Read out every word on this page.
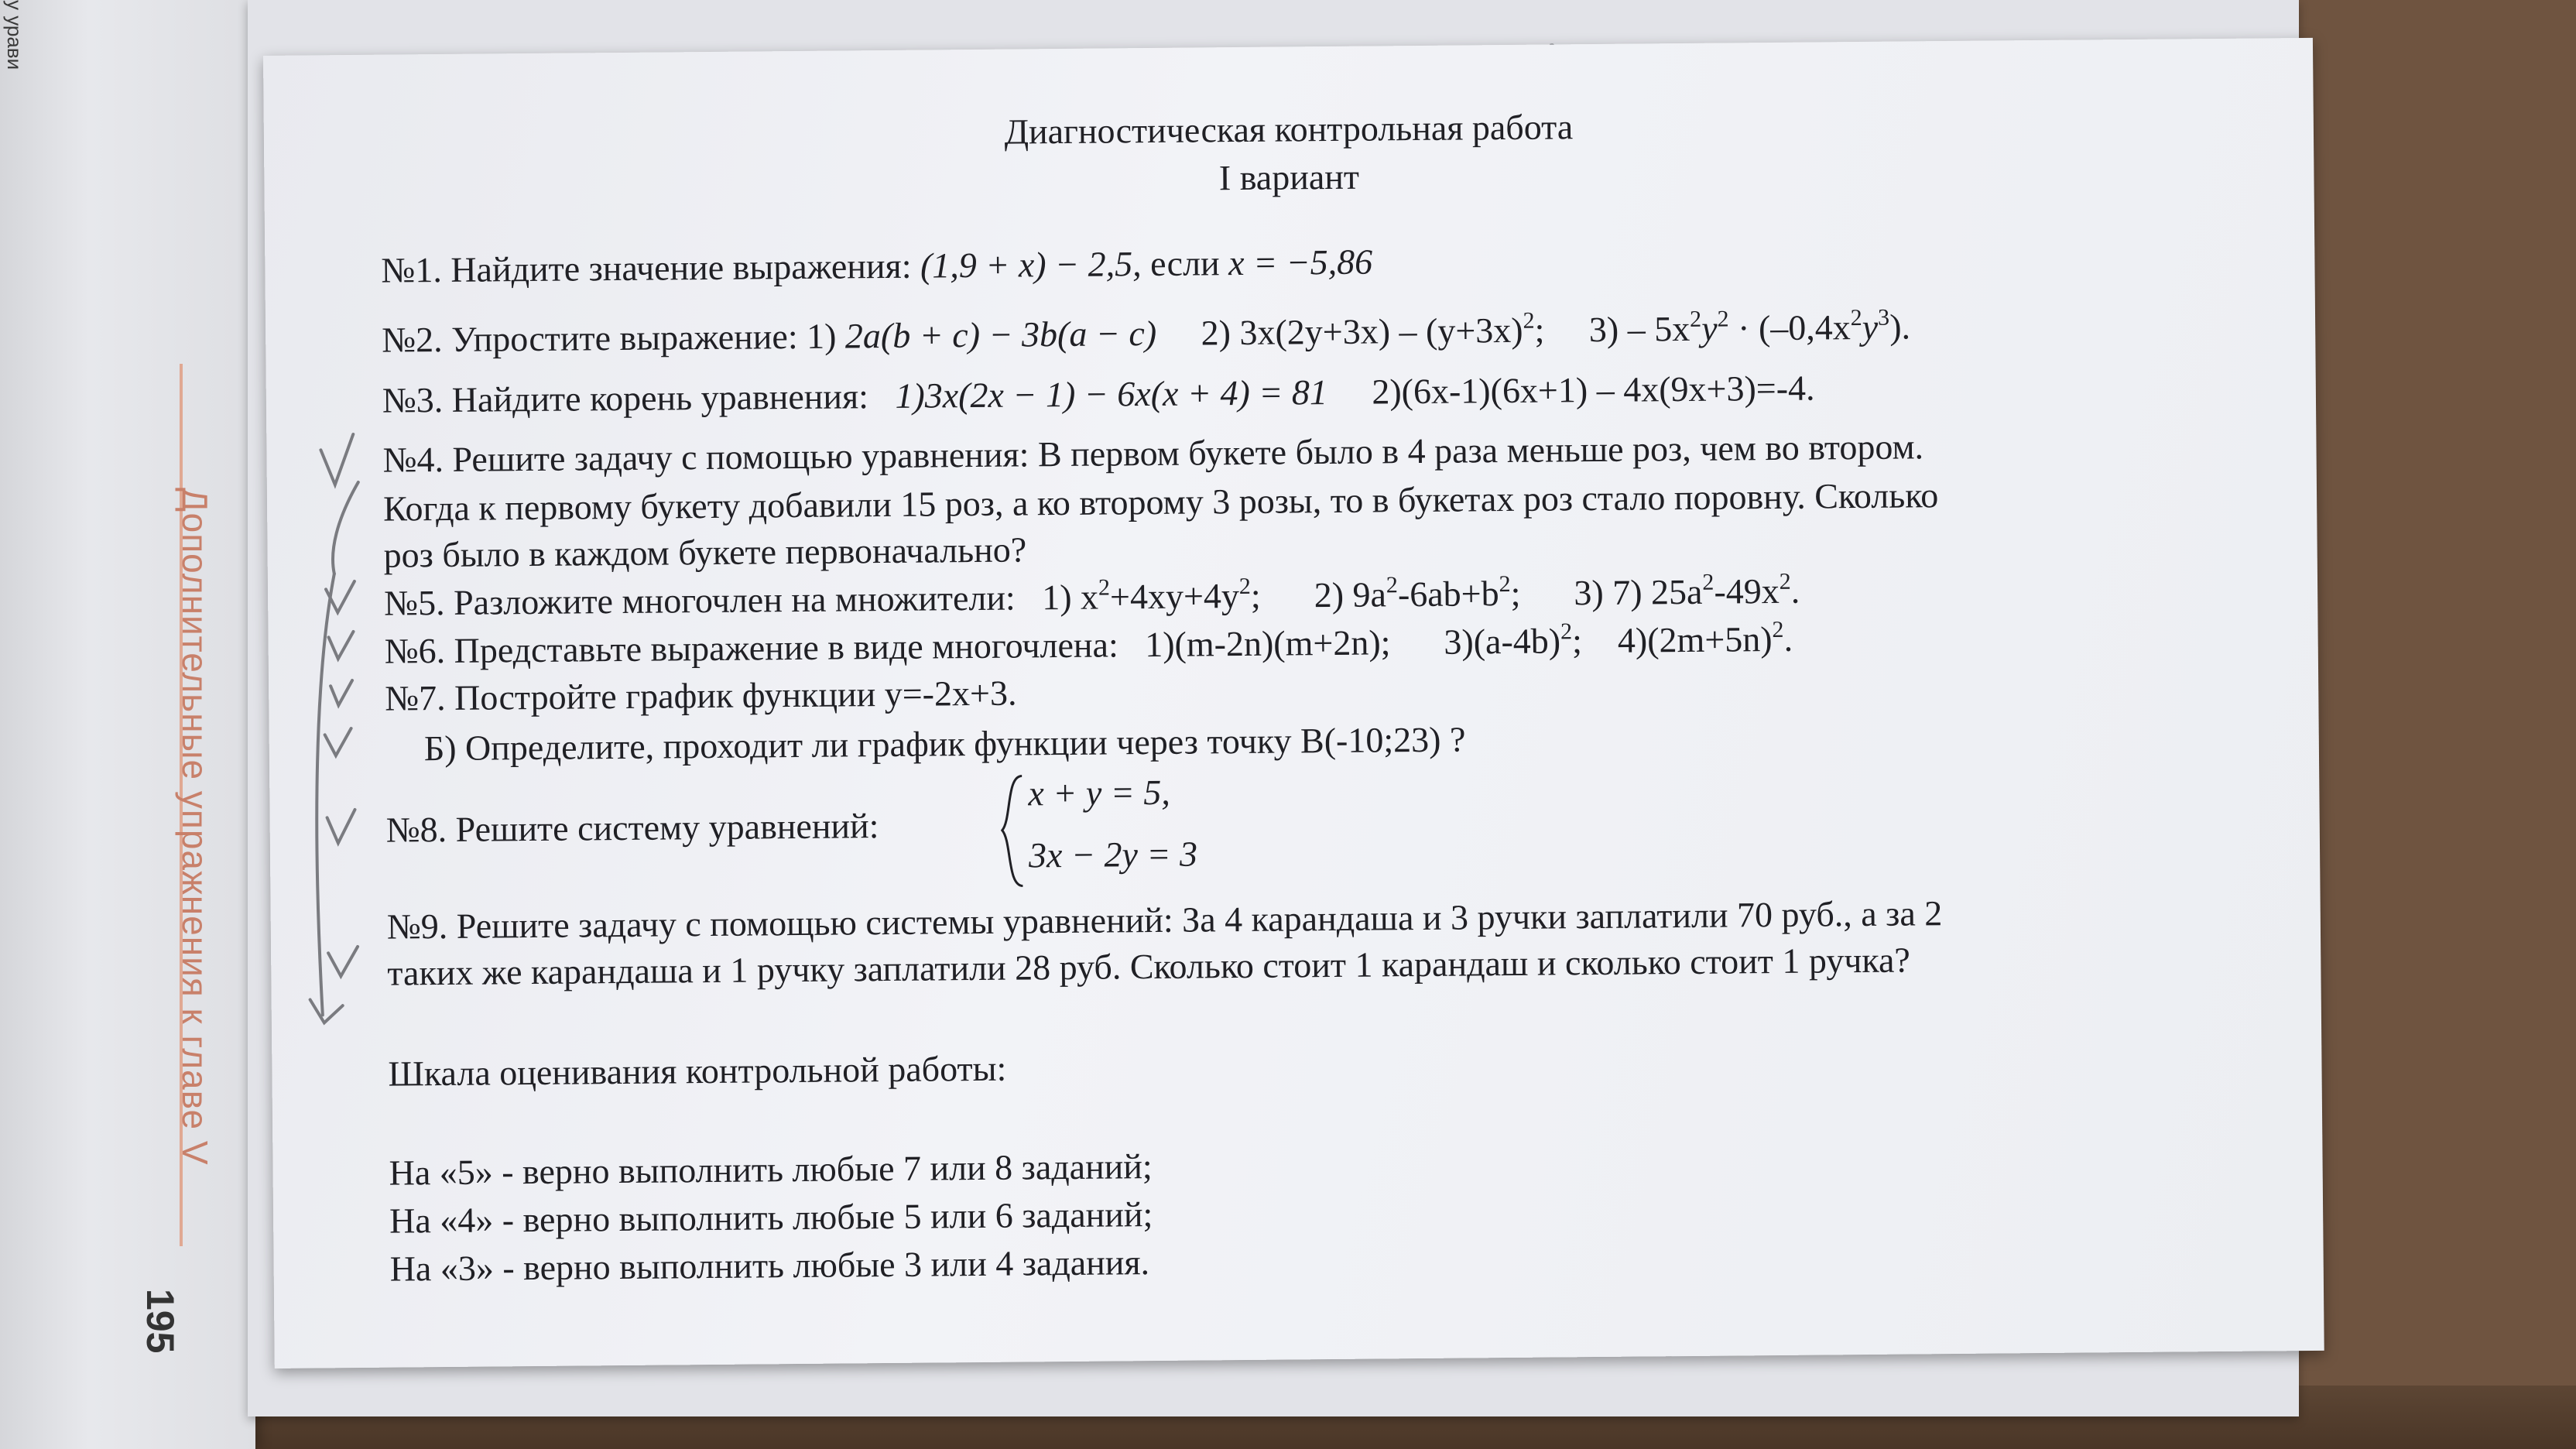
у урави
Дополнительные упражнения к главе V
195
Диагностическая контрольная работа
I вариант
№1. Найдите значение выражения: (1,9 + x) − 2,5, если x = −5,86
№2. Упростите выражение: 1) 2a(b + c) − 3b(a − c) 2) $3x(2y+3x) - (y+3x)^2$; $3) - 5x^2y^2 \cdot (-0,4x^2y^3)$.
№3. Найдите корень уравнения: 1)3x(2x − 1) − 6x(x + 4) = 81 2)(6x-1)(6x+1) – 4x(9x+3)=-4.
№4. Решите задачу с помощью уравнения: В первом букете было в 4 раза меньше роз, чем во втором.
Когда к первому букету добавили 15 роз, а ко второму 3 розы, то в букетах роз стало поровну. Сколько
роз было в каждом букете первоначально?
№5. Разложите многочлен на множители: 1) $x^2+4xy+4y^2$; 2) $9a^2-6ab+b^2$; 3) 7) $25a^2-49x^2$.
№6. Представьте выражение в виде многочлена: 1)(m-2n)(m+2n); $3)(a-4b)^2$; $4)(2m+5n)^2$.
№7. Постройте график функции y=-2x+3.
Б) Определите, проходит ли график функции через точку B(-10;23) ?
№8. Решите систему уравнений:
x + y = 5,
3x − 2y = 3
№9. Решите задачу с помощью системы уравнений: За 4 карандаша и 3 ручки заплатили 70 руб., а за 2
таких же карандаша и 1 ручку заплатили 28 руб. Сколько стоит 1 карандаш и сколько стоит 1 ручка?
Шкала оценивания контрольной работы:
На «5» - верно выполнить любые 7 или 8 заданий;
На «4» - верно выполнить любые 5 или 6 заданий;
На «3» - верно выполнить любые 3 или 4 задания.
